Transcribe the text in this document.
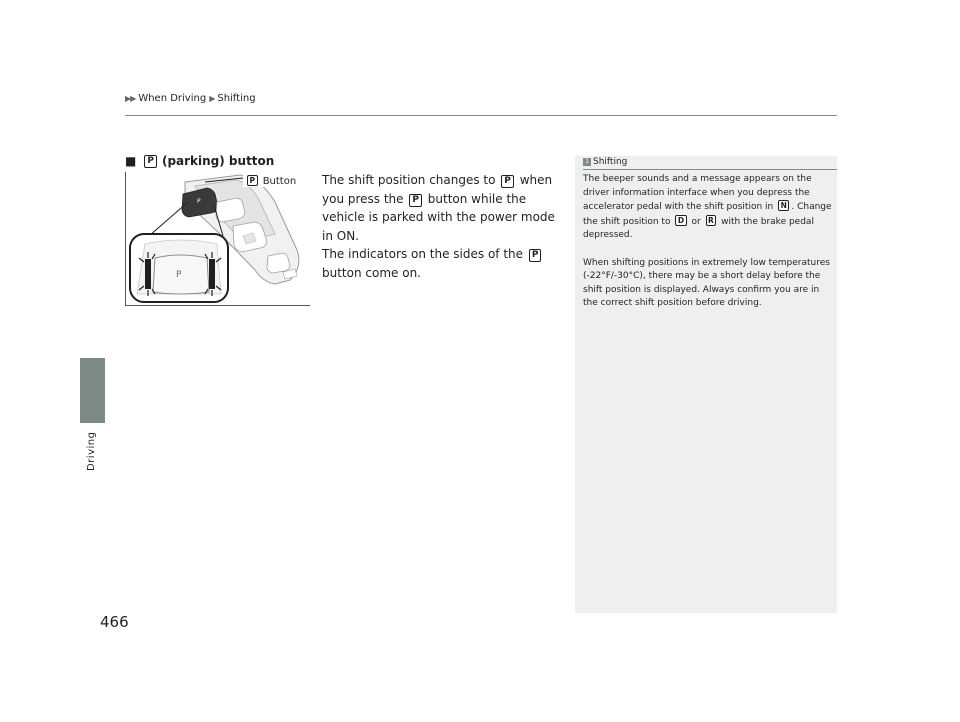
▶▶ When Driving ▶ Shifting
Driving
466
■	P (parking) button
P
P
P Button The shift position changes to P when you press the P button while the vehicle is parked with the power mode in ON.

The indicators on the sides of the P button come on.

1 Shifting

The beeper sounds and a message appears on the driver information interface when you depress the accelerator pedal with the shift position in N . Change the shift position to D or R with the brake pedal depressed.

When shifting positions in extremely low temperatures (-22°F/-30°C), there may be a short delay before the shift position is displayed. Always confirm you are in the correct shift position before driving.
